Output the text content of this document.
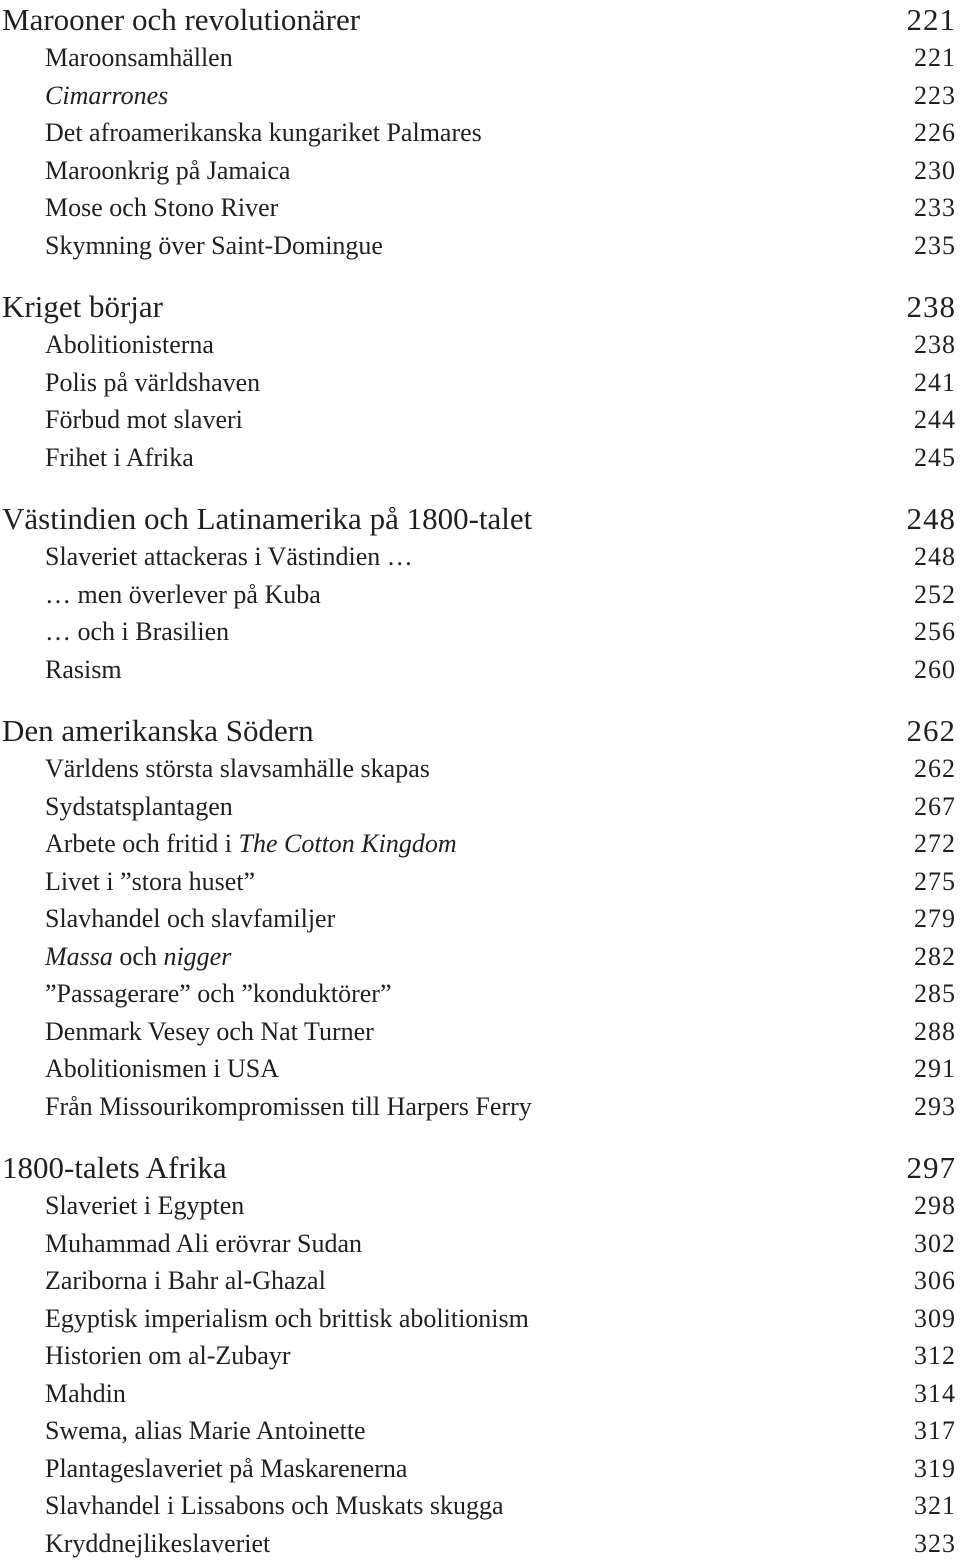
Marooner och revolutionärer	221
Maroonsamhällen	221
Cimarrones	223
Det afroamerikanska kungariket Palmares	226
Maroonkrig på Jamaica	230
Mose och Stono River	233
Skymning över Saint-Domingue	235
Kriget börjar	238
Abolitionisterna	238
Polis på världshaven	241
Förbud mot slaveri	244
Frihet i Afrika	245
Västindien och Latinamerika på 1800-talet	248
Slaveriet attackeras i Västindien …	248
… men överlever på Kuba	252
… och i Brasilien	256
Rasism	260
Den amerikanska Södern	262
Världens största slavsamhälle skapas	262
Sydstatsplantagen	267
Arbete och fritid i The Cotton Kingdom	272
Livet i ”stora huset”	275
Slavhandel och slavfamiljer	279
Massa och nigger	282
”Passagerare” och ”konduktörer”	285
Denmark Vesey och Nat Turner	288
Abolitionismen i USA	291
Från Missourikompromissen till Harpers Ferry	293
1800-talets Afrika	297
Slaveriet i Egypten	298
Muhammad Ali erövrar Sudan	302
Zariborna i Bahr al-Ghazal	306
Egyptisk imperialism och brittisk abolitionism	309
Historien om al-Zubayr	312
Mahdin	314
Swema, alias Marie Antoinette	317
Plantageslaveriet på Maskarenerna	319
Slavhandel i Lissabons och Muskats skugga	321
Kryddnejlikeslaveriet	323
